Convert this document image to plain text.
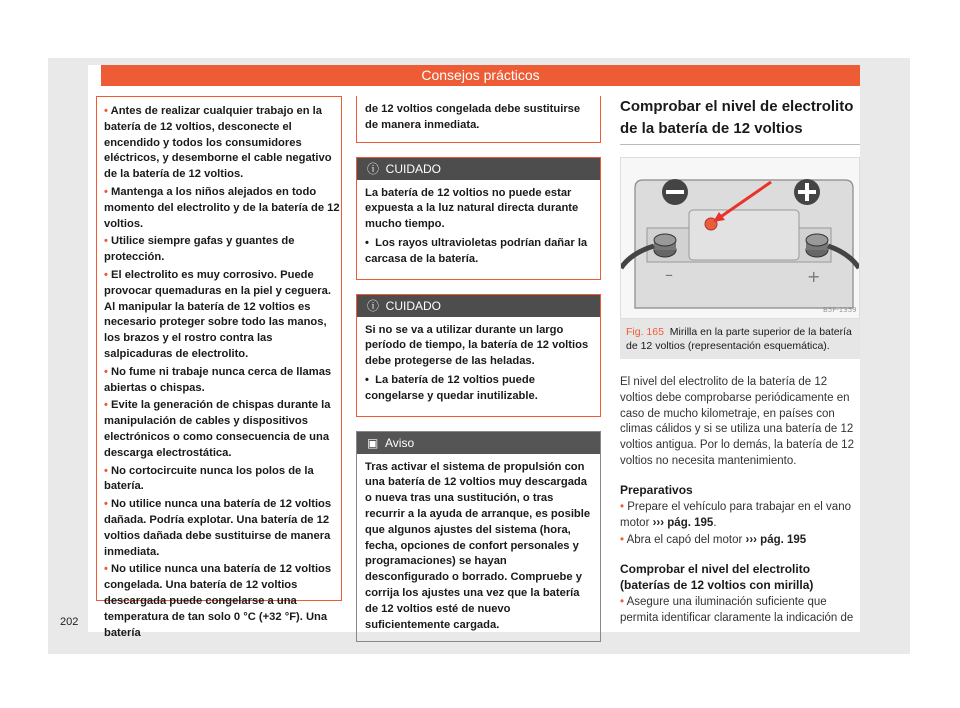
Consejos prácticos
• Antes de realizar cualquier trabajo en la batería de 12 voltios, desconecte el encendido y todos los consumidores eléctricos, y desemborne el cable negativo de la batería de 12 voltios.
• Mantenga a los niños alejados en todo momento del electrolito y de la batería de 12 voltios.
• Utilice siempre gafas y guantes de protección.
• El electrolito es muy corrosivo. Puede provocar quemaduras en la piel y ceguera. Al manipular la batería de 12 voltios es necesario proteger sobre todo las manos, los brazos y el rostro contra las salpicaduras de electrolito.
• No fume ni trabaje nunca cerca de llamas abiertas o chispas.
• Evite la generación de chispas durante la manipulación de cables y dispositivos electrónicos o como consecuencia de una descarga electrostática.
• No cortocircuite nunca los polos de la batería.
• No utilice nunca una batería de 12 voltios dañada. Podría explotar. Una batería de 12 voltios dañada debe sustituirse de manera inmediata.
• No utilice nunca una batería de 12 voltios congelada. Una batería de 12 voltios descargada puede congelarse a una temperatura de tan solo 0 °C (+32 °F). Una batería
de 12 voltios congelada debe sustituirse de manera inmediata.
ⓘ  CUIDADO

La batería de 12 voltios no puede estar expuesta a la luz natural directa durante mucho tiempo.

•  Los rayos ultravioletas podrían dañar la carcasa de la batería.

ⓘ  CUIDADO

Si no se va a utilizar durante un largo período de tiempo, la batería de 12 voltios debe protegerse de las heladas.

•  La batería de 12 voltios puede congelarse y quedar inutilizable.

▣  Aviso
Tras activar el sistema de propulsión con una batería de 12 voltios muy descargada o nueva tras una sustitución, o tras recurrir a la ayuda de arranque, es posible que algunos ajustes del sistema (hora, fecha, opciones de confort personales y programaciones) se hayan desconfigurado o borrado. Compruebe y corrija los ajustes una vez que la batería de 12 voltios esté de nuevo suficientemente cargada.
Comprobar el nivel de electrolito de la batería de 12 voltios
–	+
B5F-1359
Fig. 165 Mirilla en la parte superior de la batería de 12 voltios (representación esquemática).
El nivel del electrolito de la batería de 12 voltios debe comprobarse periódicamente en caso de mucho kilometraje, en países con climas cálidos y si se utiliza una batería de 12 voltios antigua. Por lo demás, la batería de 12 voltios no necesita mantenimiento.
Preparativos
• Prepare el vehículo para trabajar en el vano motor ››› pág. 195.
• Abra el capó del motor ››› pág. 195
Comprobar el nivel del electrolito (baterías de 12 voltios con mirilla)
• Asegure una iluminación suficiente que permita identificar claramente la indicación de
202
